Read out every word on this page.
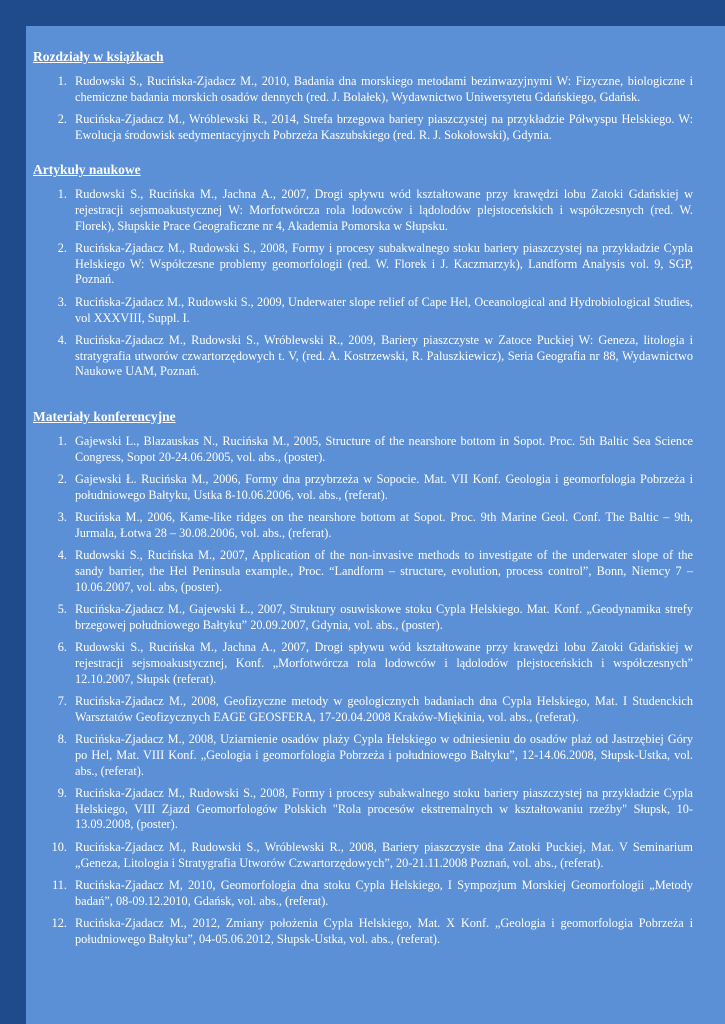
Rozdziały w książkach
1. Rudowski S., Rucińska-Zjadacz M., 2010, Badania dna morskiego metodami bezinwazyjnymi W: Fizyczne, biologiczne i chemiczne badania morskich osadów dennych (red. J. Bolałek), Wydawnictwo Uniwersytetu Gdańskiego, Gdańsk.
2. Rucińska-Zjadacz M., Wróblewski R., 2014, Strefa brzegowa bariery piaszczystej na przykładzie Półwyspu Helskiego. W: Ewolucja środowisk sedymentacyjnych Pobrzeża Kaszubskiego (red. R. J. Sokołowski), Gdynia.
Artykuły naukowe
1. Rudowski S., Rucińska M., Jachna A., 2007, Drogi spływu wód kształtowane przy krawędzi lobu Zatoki Gdańskiej w rejestracji sejsmoakustycznej W: Morfotwórcza rola lodowców i lądolodów plejstoceńskich i współczesnych (red. W. Florek), Słupskie Prace Geograficzne nr 4, Akademia Pomorska w Słupsku.
2. Rucińska-Zjadacz M., Rudowski S., 2008, Formy i procesy subakwalnego stoku bariery piaszczystej na przykładzie Cypla Helskiego W: Współczesne problemy geomorfologii (red. W. Florek i J. Kaczmarzyk), Landform Analysis vol. 9, SGP, Poznań.
3. Rucińska-Zjadacz M., Rudowski S., 2009, Underwater slope relief of Cape Hel, Oceanological and Hydrobiological Studies, vol XXXVIII, Suppl. I.
4. Rucińska-Zjadacz M., Rudowski S., Wróblewski R., 2009, Bariery piaszczyste w Zatoce Puckiej W: Geneza, litologia i stratygrafia utworów czwartorzędowych t. V, (red. A. Kostrzewski, R. Paluszkiewicz), Seria Geografia nr 88, Wydawnictwo Naukowe UAM, Poznań.
Materiały konferencyjne
1. Gajewski L., Blazauskas N., Rucińska M., 2005, Structure of the nearshore bottom in Sopot. Proc. 5th Baltic Sea Science Congress, Sopot 20-24.06.2005, vol. abs., (poster).
2. Gajewski Ł. Rucińska M., 2006, Formy dna przybrzeża w Sopocie. Mat. VII Konf. Geologia i geomorfologia Pobrzeża i południowego Bałtyku, Ustka 8-10.06.2006, vol. abs., (referat).
3. Rucińska M., 2006, Kame-like ridges on the nearshore bottom at Sopot. Proc. 9th Marine Geol. Conf. The Baltic – 9th, Jurmala, Łotwa 28 – 30.08.2006, vol. abs., (referat).
4. Rudowski S., Rucińska M., 2007, Application of the non-invasive methods to investigate of the underwater slope of the sandy barrier, the Hel Peninsula example., Proc. “Landform – structure, evolution, process control”, Bonn, Niemcy 7 – 10.06.2007, vol. abs, (poster).
5. Rucińska-Zjadacz M., Gajewski Ł., 2007, Struktury osuwiskowe stoku Cypla Helskiego. Mat. Konf. „Geodynamika strefy brzegowej południowego Bałtyku” 20.09.2007, Gdynia, vol. abs., (poster).
6. Rudowski S., Rucińska M., Jachna A., 2007, Drogi spływu wód kształtowane przy krawędzi lobu Zatoki Gdańskiej w rejestracji sejsmoakustycznej, Konf. „Morfotwórcza rola lodowców i lądolodów plejstoceńskich i współczesnych” 12.10.2007, Słupsk (referat).
7. Rucińska-Zjadacz M., 2008, Geofizyczne metody w geologicznych badaniach dna Cypla Helskiego, Mat. I Studenckich Warsztatów Geofizycznych EAGE GEOSFERA, 17-20.04.2008 Kraków-Miękinia, vol. abs., (referat).
8. Rucińska-Zjadacz M., 2008, Uziarnienie osadów plaży Cypla Helskiego w odniesieniu do osadów plaż od Jastrzębiej Góry po Hel, Mat. VIII Konf. „Geologia i geomorfologia Pobrzeża i południowego Bałtyku”, 12-14.06.2008, Słupsk-Ustka, vol. abs., (referat).
9. Rucińska-Zjadacz M., Rudowski S., 2008, Formy i procesy subakwalnego stoku bariery piaszczystej na przykładzie Cypla Helskiego, VIII Zjazd Geomorfologów Polskich "Rola procesów ekstremalnych w kształtowaniu rzeźby" Słupsk, 10-13.09.2008, (poster).
10. Rucińska-Zjadacz M., Rudowski S., Wróblewski R., 2008, Bariery piaszczyste dna Zatoki Puckiej, Mat. V Seminarium „Geneza, Litologia i Stratygrafia Utworów Czwartorzędowych”, 20-21.11.2008 Poznań, vol. abs., (referat).
11. Rucińska-Zjadacz M, 2010, Geomorfologia dna stoku Cypla Helskiego, I Sympozjum Morskiej Geomorfologii „Metody badań”, 08-09.12.2010, Gdańsk, vol. abs., (referat).
12. Rucińska-Zjadacz M., 2012, Zmiany położenia Cypla Helskiego, Mat. X Konf. „Geologia i geomorfologia Pobrzeża i południowego Bałtyku”, 04-05.06.2012, Słupsk-Ustka, vol. abs., (referat).
